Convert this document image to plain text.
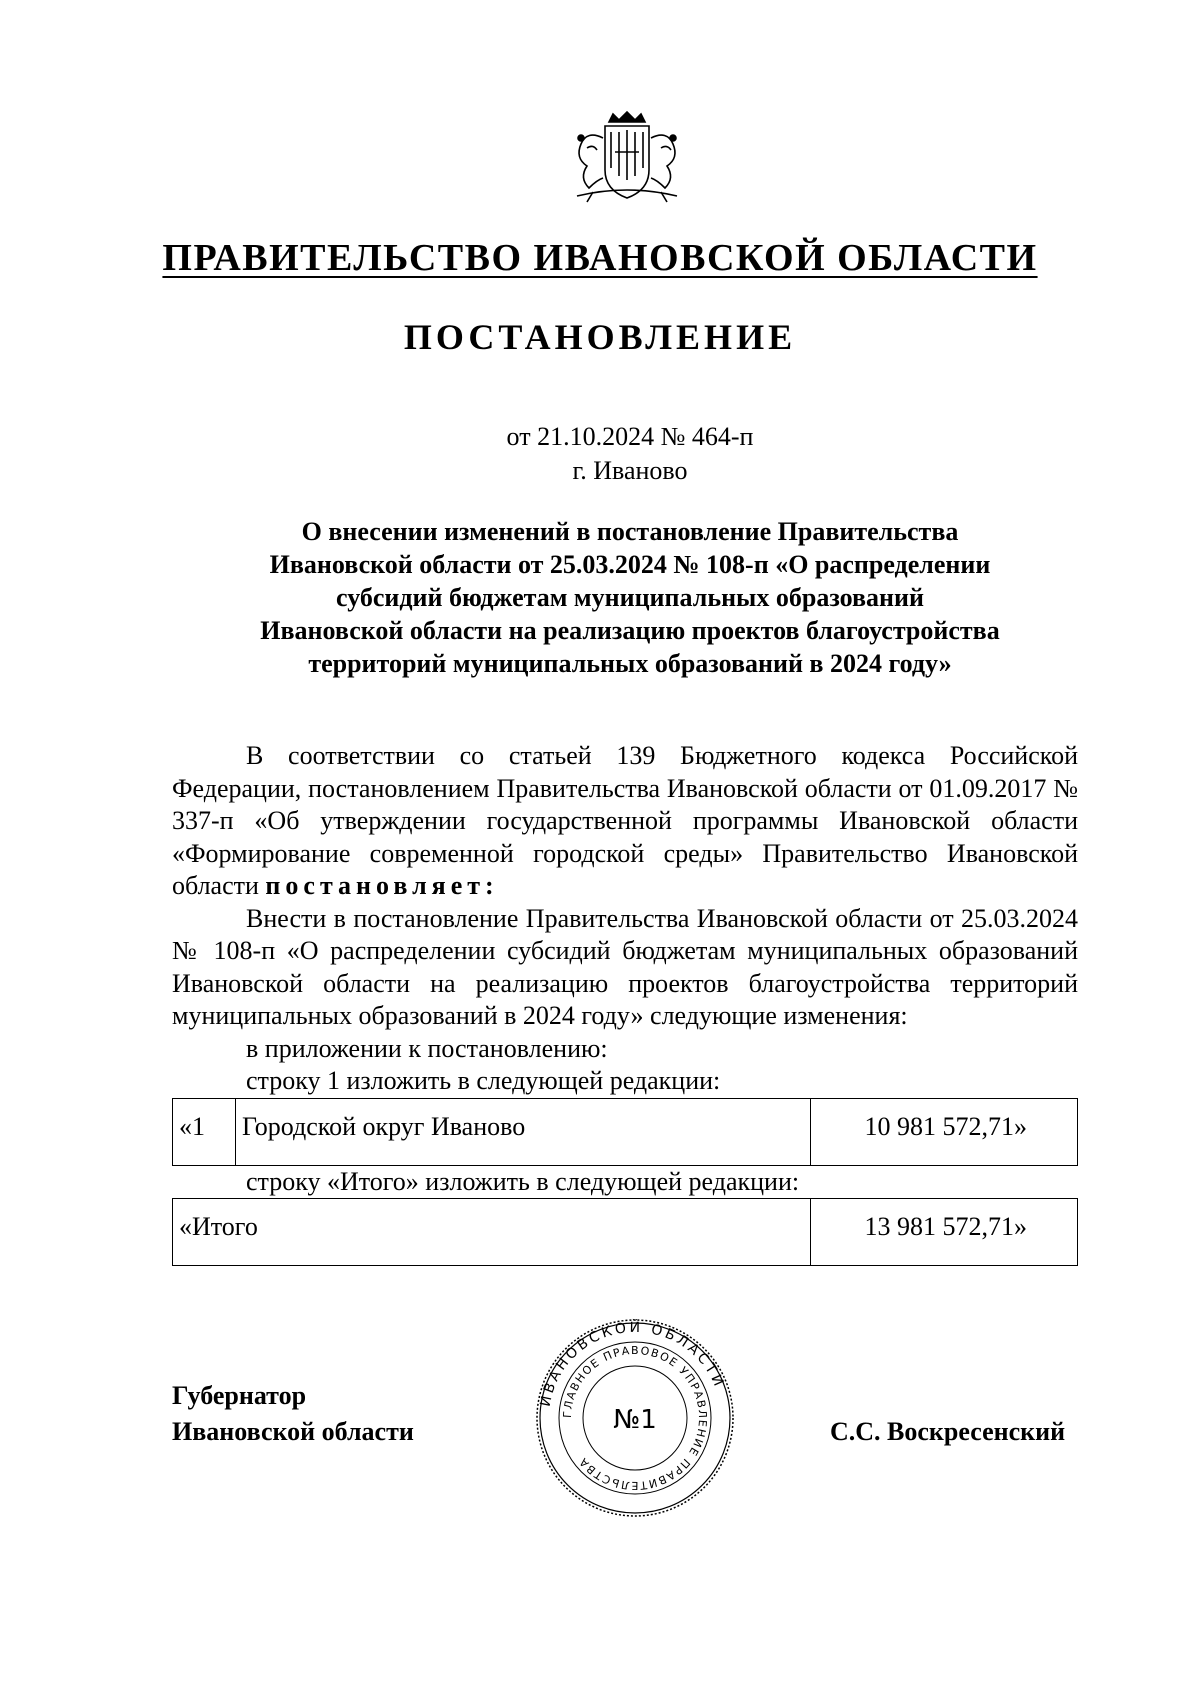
ПРАВИТЕЛЬСТВО ИВАНОВСКОЙ ОБЛАСТИ
ПОСТАНОВЛЕНИЕ
от 21.10.2024 № 464-п
г. Иваново
О внесении изменений в постановление Правительства
Ивановской области от 25.03.2024 № 108-п «О распределении
субсидий бюджетам муниципальных образований
Ивановской области на реализацию проектов благоустройства
территорий муниципальных образований в 2024 году»

В соответствии со статьей 139 Бюджетного кодекса Российской Федерации, постановлением Правительства Ивановской области от 01.09.2017 № 337-п «Об утверждении государственной программы Ивановской области «Формирование современной городской среды» Правительство Ивановской области постановляет:

Внести в постановление Правительства Ивановской области от 25.03.2024 № 108-п «О распределении субсидий бюджетам муниципальных образований Ивановской области на реализацию проектов благоустройства территорий муниципальных образований в 2024 году» следующие изменения:

в приложении к постановлению:

строку 1 изложить в следующей редакции:

«1	Городской округ Иваново	10 981 572,71»

строку «Итого» изложить в следующей редакции:

«Итого	13 981 572,71»
Губернатор
Ивановской области
ИВАНОВСКОЙ ОБЛАСТИ
ГЛАВНОЕ ПРАВОВОЕ УПРАВЛЕНИЕ ПРАВИТЕЛЬСТВА
№1	С.С. Воскресенский
